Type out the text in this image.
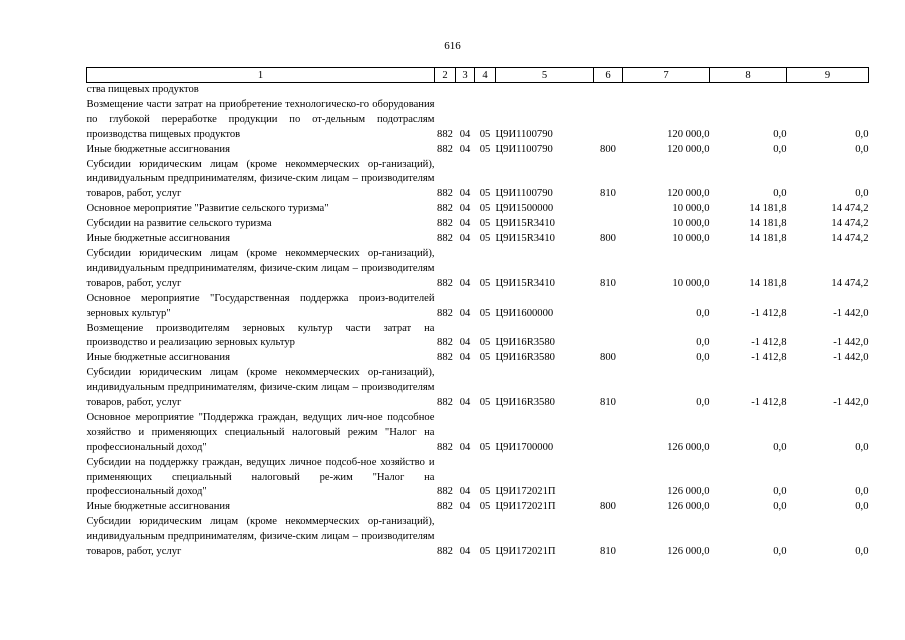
616
1	2	3	4	5	6	7	8	9
ства пищевых продуктов								
Возмещение части затрат на приобретение технологическо-го оборудования по глубокой переработке продукции по от-дельным подотраслям производства пищевых продуктов	882	04	05	Ц9И1100790		120 000,0	0,0	0,0
Иные бюджетные ассигнования	882	04	05	Ц9И1100790	800	120 000,0	0,0	0,0
Субсидии юридическим лицам (кроме некоммерческих ор-ганизаций), индивидуальным предпринимателям, физиче-ским лицам – производителям товаров, работ, услуг	882	04	05	Ц9И1100790	810	120 000,0	0,0	0,0
Основное мероприятие "Развитие сельского туризма"	882	04	05	Ц9И1500000		10 000,0	14 181,8	14 474,2
Субсидии на развитие сельского туризма	882	04	05	Ц9И15R3410		10 000,0	14 181,8	14 474,2
Иные бюджетные ассигнования	882	04	05	Ц9И15R3410	800	10 000,0	14 181,8	14 474,2
Субсидии юридическим лицам (кроме некоммерческих ор-ганизаций), индивидуальным предпринимателям, физиче-ским лицам – производителям товаров, работ, услуг	882	04	05	Ц9И15R3410	810	10 000,0	14 181,8	14 474,2
Основное мероприятие "Государственная поддержка произ-водителей зерновых культур"	882	04	05	Ц9И1600000		0,0	-1 412,8	-1 442,0
Возмещение производителям зерновых культур части затрат на производство и реализацию зерновых культур	882	04	05	Ц9И16R3580		0,0	-1 412,8	-1 442,0
Иные бюджетные ассигнования	882	04	05	Ц9И16R3580	800	0,0	-1 412,8	-1 442,0
Субсидии юридическим лицам (кроме некоммерческих ор-ганизаций), индивидуальным предпринимателям, физиче-ским лицам – производителям товаров, работ, услуг	882	04	05	Ц9И16R3580	810	0,0	-1 412,8	-1 442,0
Основное мероприятие "Поддержка граждан, ведущих лич-ное подсобное хозяйство и применяющих специальный налоговый режим "Налог на профессиональный доход"	882	04	05	Ц9И1700000		126 000,0	0,0	0,0
Субсидии на поддержку граждан, ведущих личное подсоб-ное хозяйство и применяющих специальный налоговый ре-жим "Налог на профессиональный доход"	882	04	05	Ц9И172021П		126 000,0	0,0	0,0
Иные бюджетные ассигнования	882	04	05	Ц9И172021П	800	126 000,0	0,0	0,0
Субсидии юридическим лицам (кроме некоммерческих ор-ганизаций), индивидуальным предпринимателям, физиче-ским лицам – производителям товаров, работ, услуг	882	04	05	Ц9И172021П	810	126 000,0	0,0	0,0
